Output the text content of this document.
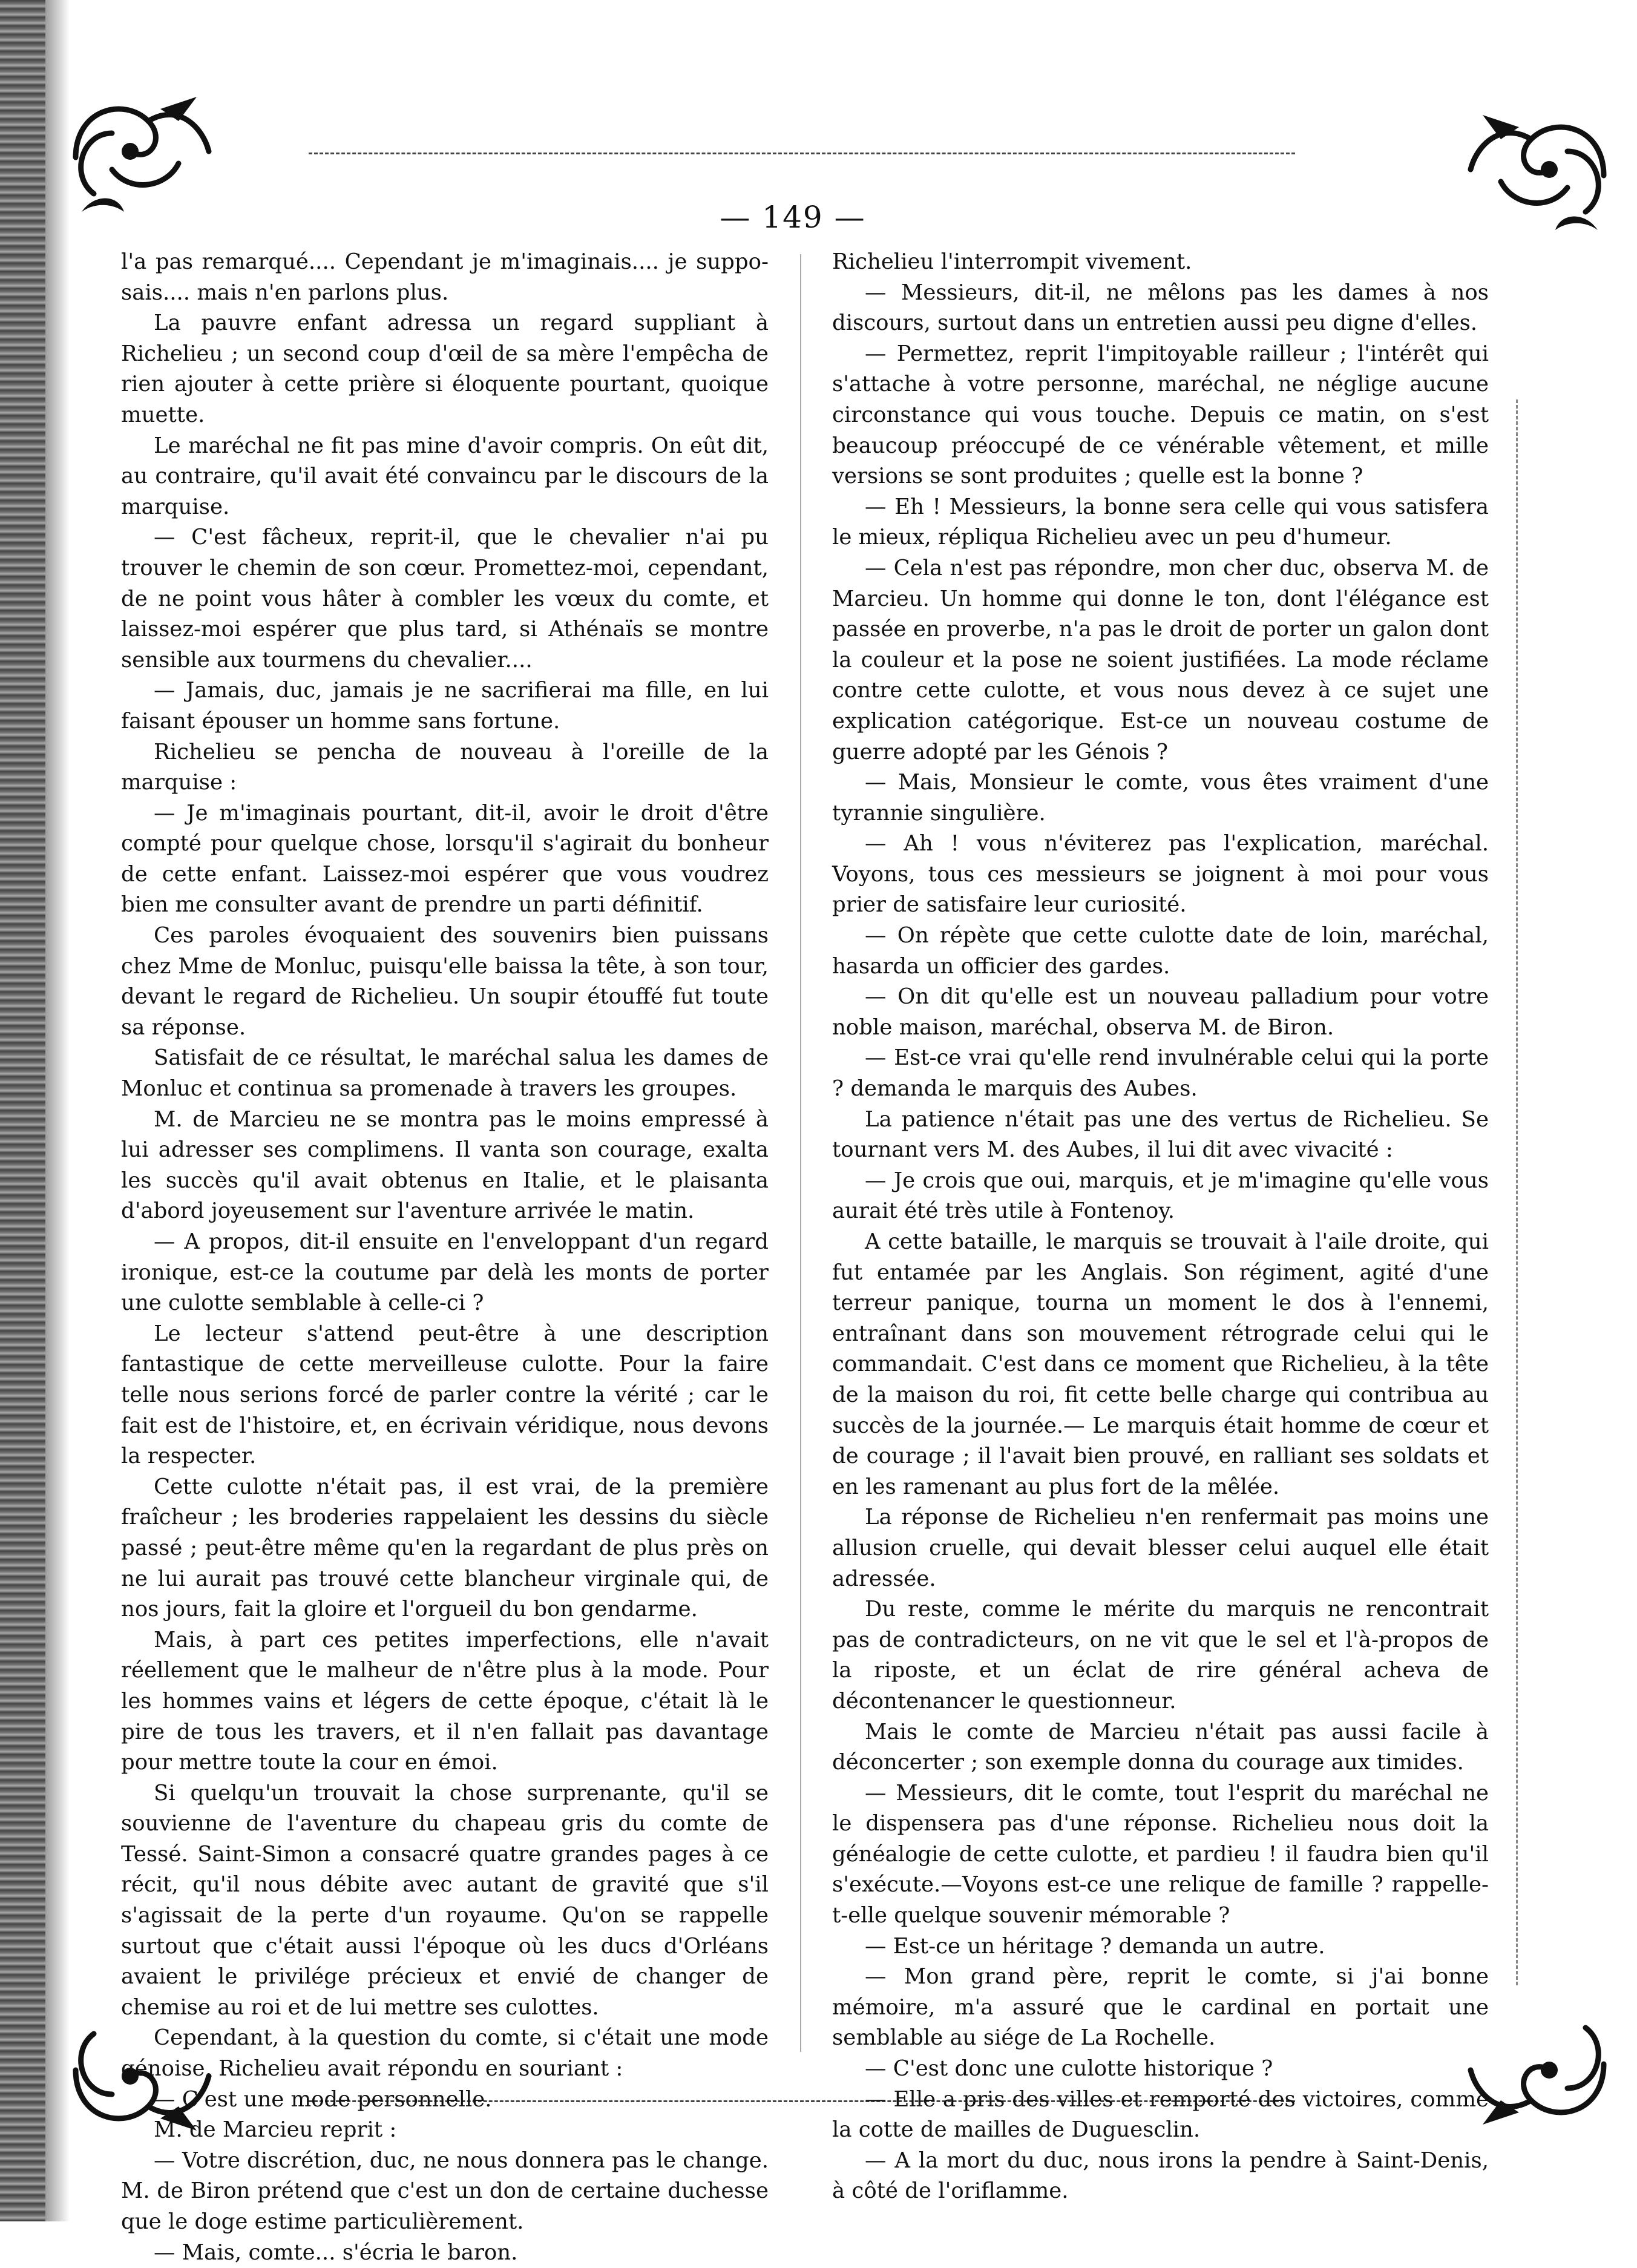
— 149 —

l'a pas remarqué.... Cependant je m'imaginais.... je supposais.... mais n'en parlons plus.

La pauvre enfant adressa un regard suppliant à Richelieu ; un second coup d'œil de sa mère l'empêcha de rien ajouter à cette prière si éloquente pourtant, quoique muette.

Le maréchal ne fit pas mine d'avoir compris. On eût dit, au contraire, qu'il avait été convaincu par le discours de la marquise.

— C'est fâcheux, reprit-il, que le chevalier n'ai pu trouver le chemin de son cœur. Promettez-moi, cependant, de ne point vous hâter à combler les vœux du comte, et laissez-moi espérer que plus tard, si Athénaïs se montre sensible aux tourmens du chevalier....

— Jamais, duc, jamais je ne sacrifierai ma fille, en lui faisant épouser un homme sans fortune.

Richelieu se pencha de nouveau à l'oreille de la marquise :

— Je m'imaginais pourtant, dit-il, avoir le droit d'être compté pour quelque chose, lorsqu'il s'agirait du bonheur de cette enfant. Laissez-moi espérer que vous voudrez bien me consulter avant de prendre un parti définitif.

Ces paroles évoquaient des souvenirs bien puissans chez Mme de Monluc, puisqu'elle baissa la tête, à son tour, devant le regard de Richelieu. Un soupir étouffé fut toute sa réponse.

Satisfait de ce résultat, le maréchal salua les dames de Monluc et continua sa promenade à travers les groupes.

M. de Marcieu ne se montra pas le moins empressé à lui adresser ses complimens. Il vanta son courage, exalta les succès qu'il avait obtenus en Italie, et le plaisanta d'abord joyeusement sur l'aventure arrivée le matin.

— A propos, dit-il ensuite en l'enveloppant d'un regard ironique, est-ce la coutume par delà les monts de porter une culotte semblable à celle-ci ?

Le lecteur s'attend peut-être à une description fantastique de cette merveilleuse culotte. Pour la faire telle nous serions forcé de parler contre la vérité ; car le fait est de l'histoire, et, en écrivain véridique, nous devons la respecter.

Cette culotte n'était pas, il est vrai, de la première fraîcheur ; les broderies rappelaient les dessins du siècle passé ; peut-être même qu'en la regardant de plus près on ne lui aurait pas trouvé cette blancheur virginale qui, de nos jours, fait la gloire et l'orgueil du bon gendarme.

Mais, à part ces petites imperfections, elle n'avait réellement que le malheur de n'être plus à la mode. Pour les hommes vains et légers de cette époque, c'était là le pire de tous les travers, et il n'en fallait pas davantage pour mettre toute la cour en émoi.

Si quelqu'un trouvait la chose surprenante, qu'il se souvienne de l'aventure du chapeau gris du comte de Tessé. Saint-Simon a consacré quatre grandes pages à ce récit, qu'il nous débite avec autant de gravité que s'il s'agissait de la perte d'un royaume. Qu'on se rappelle surtout que c'était aussi l'époque où les ducs d'Orléans avaient le privilége précieux et envié de changer de chemise au roi et de lui mettre ses culottes.

Cependant, à la question du comte, si c'était une mode génoise, Richelieu avait répondu en souriant :

— C'est une mode personnelle.

M. de Marcieu reprit :

— Votre discrétion, duc, ne nous donnera pas le change. M. de Biron prétend que c'est un don de certaine duchesse que le doge estime particulièrement.

— Mais, comte... s'écria le baron.

Richelieu l'interrompit vivement.

— Messieurs, dit-il, ne mêlons pas les dames à nos discours, surtout dans un entretien aussi peu digne d'elles.

— Permettez, reprit l'impitoyable railleur ; l'intérêt qui s'attache à votre personne, maréchal, ne néglige aucune circonstance qui vous touche. Depuis ce matin, on s'est beaucoup préoccupé de ce vénérable vêtement, et mille versions se sont produites ; quelle est la bonne ?

— Eh ! Messieurs, la bonne sera celle qui vous satisfera le mieux, répliqua Richelieu avec un peu d'humeur.

— Cela n'est pas répondre, mon cher duc, observa M. de Marcieu. Un homme qui donne le ton, dont l'élégance est passée en proverbe, n'a pas le droit de porter un galon dont la couleur et la pose ne soient justifiées. La mode réclame contre cette culotte, et vous nous devez à ce sujet une explication catégorique. Est-ce un nouveau costume de guerre adopté par les Génois ?

— Mais, Monsieur le comte, vous êtes vraiment d'une tyrannie singulière.

— Ah ! vous n'éviterez pas l'explication, maréchal. Voyons, tous ces messieurs se joignent à moi pour vous prier de satisfaire leur curiosité.

— On répète que cette culotte date de loin, maréchal, hasarda un officier des gardes.

— On dit qu'elle est un nouveau palladium pour votre noble maison, maréchal, observa M. de Biron.

— Est-ce vrai qu'elle rend invulnérable celui qui la porte ? demanda le marquis des Aubes.

La patience n'était pas une des vertus de Richelieu. Se tournant vers M. des Aubes, il lui dit avec vivacité :

— Je crois que oui, marquis, et je m'imagine qu'elle vous aurait été très utile à Fontenoy.

A cette bataille, le marquis se trouvait à l'aile droite, qui fut entamée par les Anglais. Son régiment, agité d'une terreur panique, tourna un moment le dos à l'ennemi, entraînant dans son mouvement rétrograde celui qui le commandait. C'est dans ce moment que Richelieu, à la tête de la maison du roi, fit cette belle charge qui contribua au succès de la journée.— Le marquis était homme de cœur et de courage ; il l'avait bien prouvé, en ralliant ses soldats et en les ramenant au plus fort de la mêlée.

La réponse de Richelieu n'en renfermait pas moins une allusion cruelle, qui devait blesser celui auquel elle était adressée.

Du reste, comme le mérite du marquis ne rencontrait pas de contradicteurs, on ne vit que le sel et l'à-propos de la riposte, et un éclat de rire général acheva de décontenancer le questionneur.

Mais le comte de Marcieu n'était pas aussi facile à déconcerter ; son exemple donna du courage aux timides.

— Messieurs, dit le comte, tout l'esprit du maréchal ne le dispensera pas d'une réponse. Richelieu nous doit la généalogie de cette culotte, et pardieu ! il faudra bien qu'il s'exécute.—Voyons est-ce une relique de famille ? rappelle-t-elle quelque souvenir mémorable ?

— Est-ce un héritage ? demanda un autre.

— Mon grand père, reprit le comte, si j'ai bonne mémoire, m'a assuré que le cardinal en portait une semblable au siége de La Rochelle.

— C'est donc une culotte historique ?

— Elle a pris des villes et remporté des victoires, comme la cotte de mailles de Duguesclin.

— A la mort du duc, nous irons la pendre à Saint-Denis, à côté de l'oriflamme.
